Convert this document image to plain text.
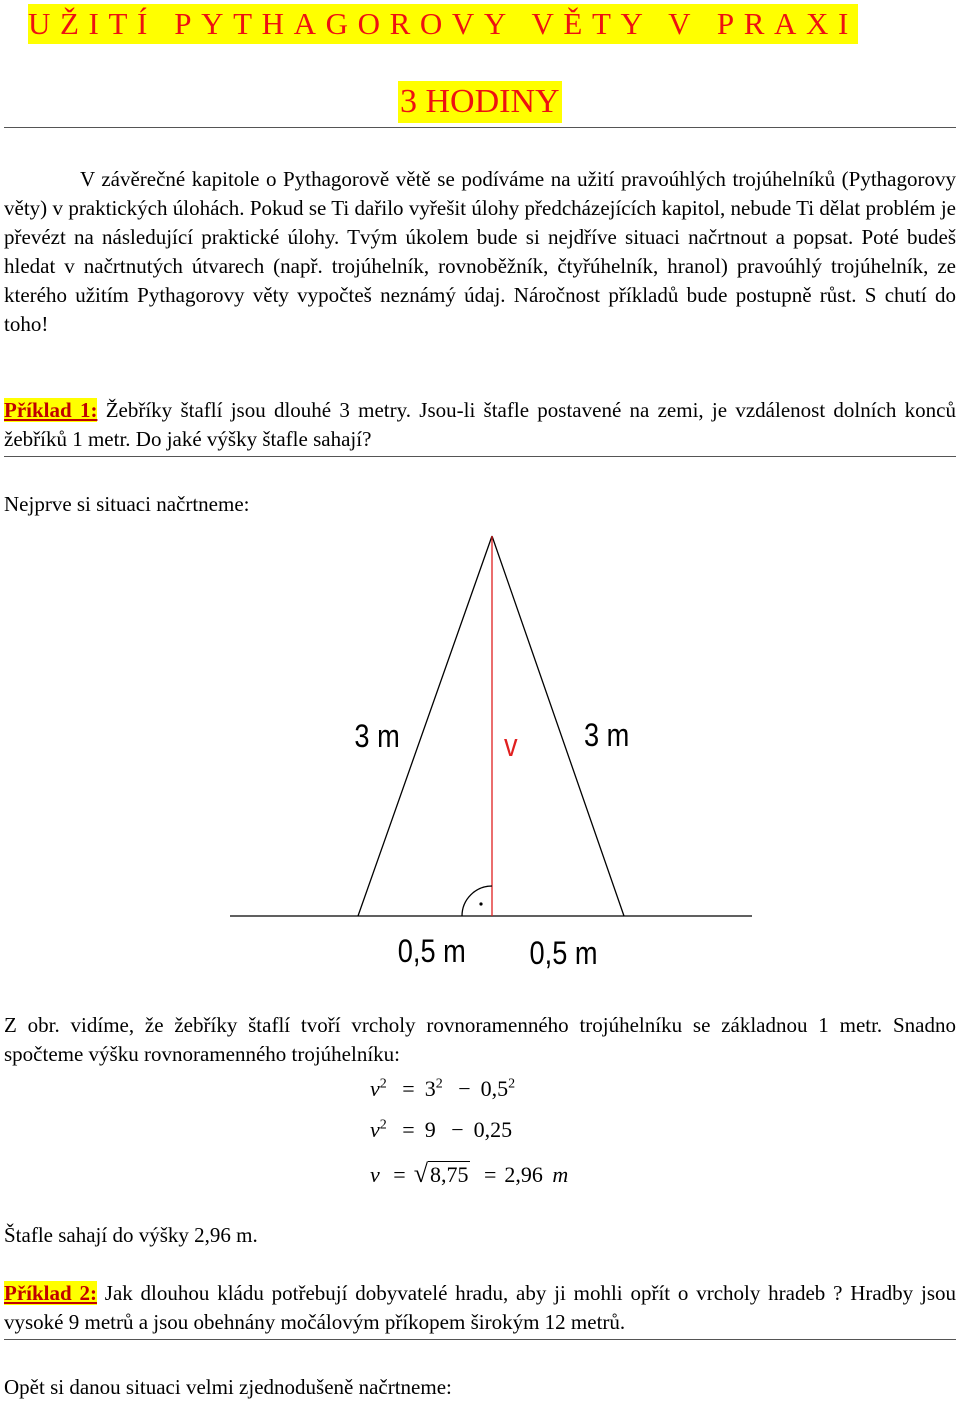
UŽITÍ PYTHAGOROVY VĚTY V PRAXI
3 HODINY
V závěrečné kapitole o Pythagorově větě se podíváme na užití pravoúhlých trojúhelníků (Pythagorovy věty) v praktických úlohách. Pokud se Ti dařilo vyřešit úlohy předcházejících kapitol, nebude Ti dělat problém je převézt na následující praktické úlohy. Tvým úkolem bude si nejdříve situaci načrtnout a popsat. Poté budeš hledat v načrtnutých útvarech (např. trojúhelník, rovnoběžník, čtyřúhelník, hranol) pravoúhlý trojúhelník, ze kterého užitím Pythagorovy věty vypočteš neznámý údaj. Náročnost příkladů bude postupně růst. S chutí do toho!
Příklad 1: Žebříky štaflí jsou dlouhé 3 metry. Jsou-li štafle postavené na zemi, je vzdálenost dolních konců žebříků 1 metr. Do jaké výšky štafle sahají?
Nejprve si situaci načrtneme:
3 m	v 3 m
0,5 m 0,5 m
Z obr. vidíme, že žebříky štaflí tvoří vrcholy rovnoramenného trojúhelníku se základnou 1 metr. Snadno spočteme výšku rovnoramenného trojúhelníku:
$v^2 = 3^2 - 0,5^2$
$v^2 = 9 - 0,25$
v = √8,75 = 2,96 m
Štafle sahají do výšky 2,96 m.
Příklad 2: Jak dlouhou kládu potřebují dobyvatelé hradu, aby ji mohli opřít o vrcholy hradeb ? Hradby jsou vysoké 9 metrů a jsou obehnány močálovým příkopem širokým 12 metrů.
Opět si danou situaci velmi zjednodušeně načrtneme:
